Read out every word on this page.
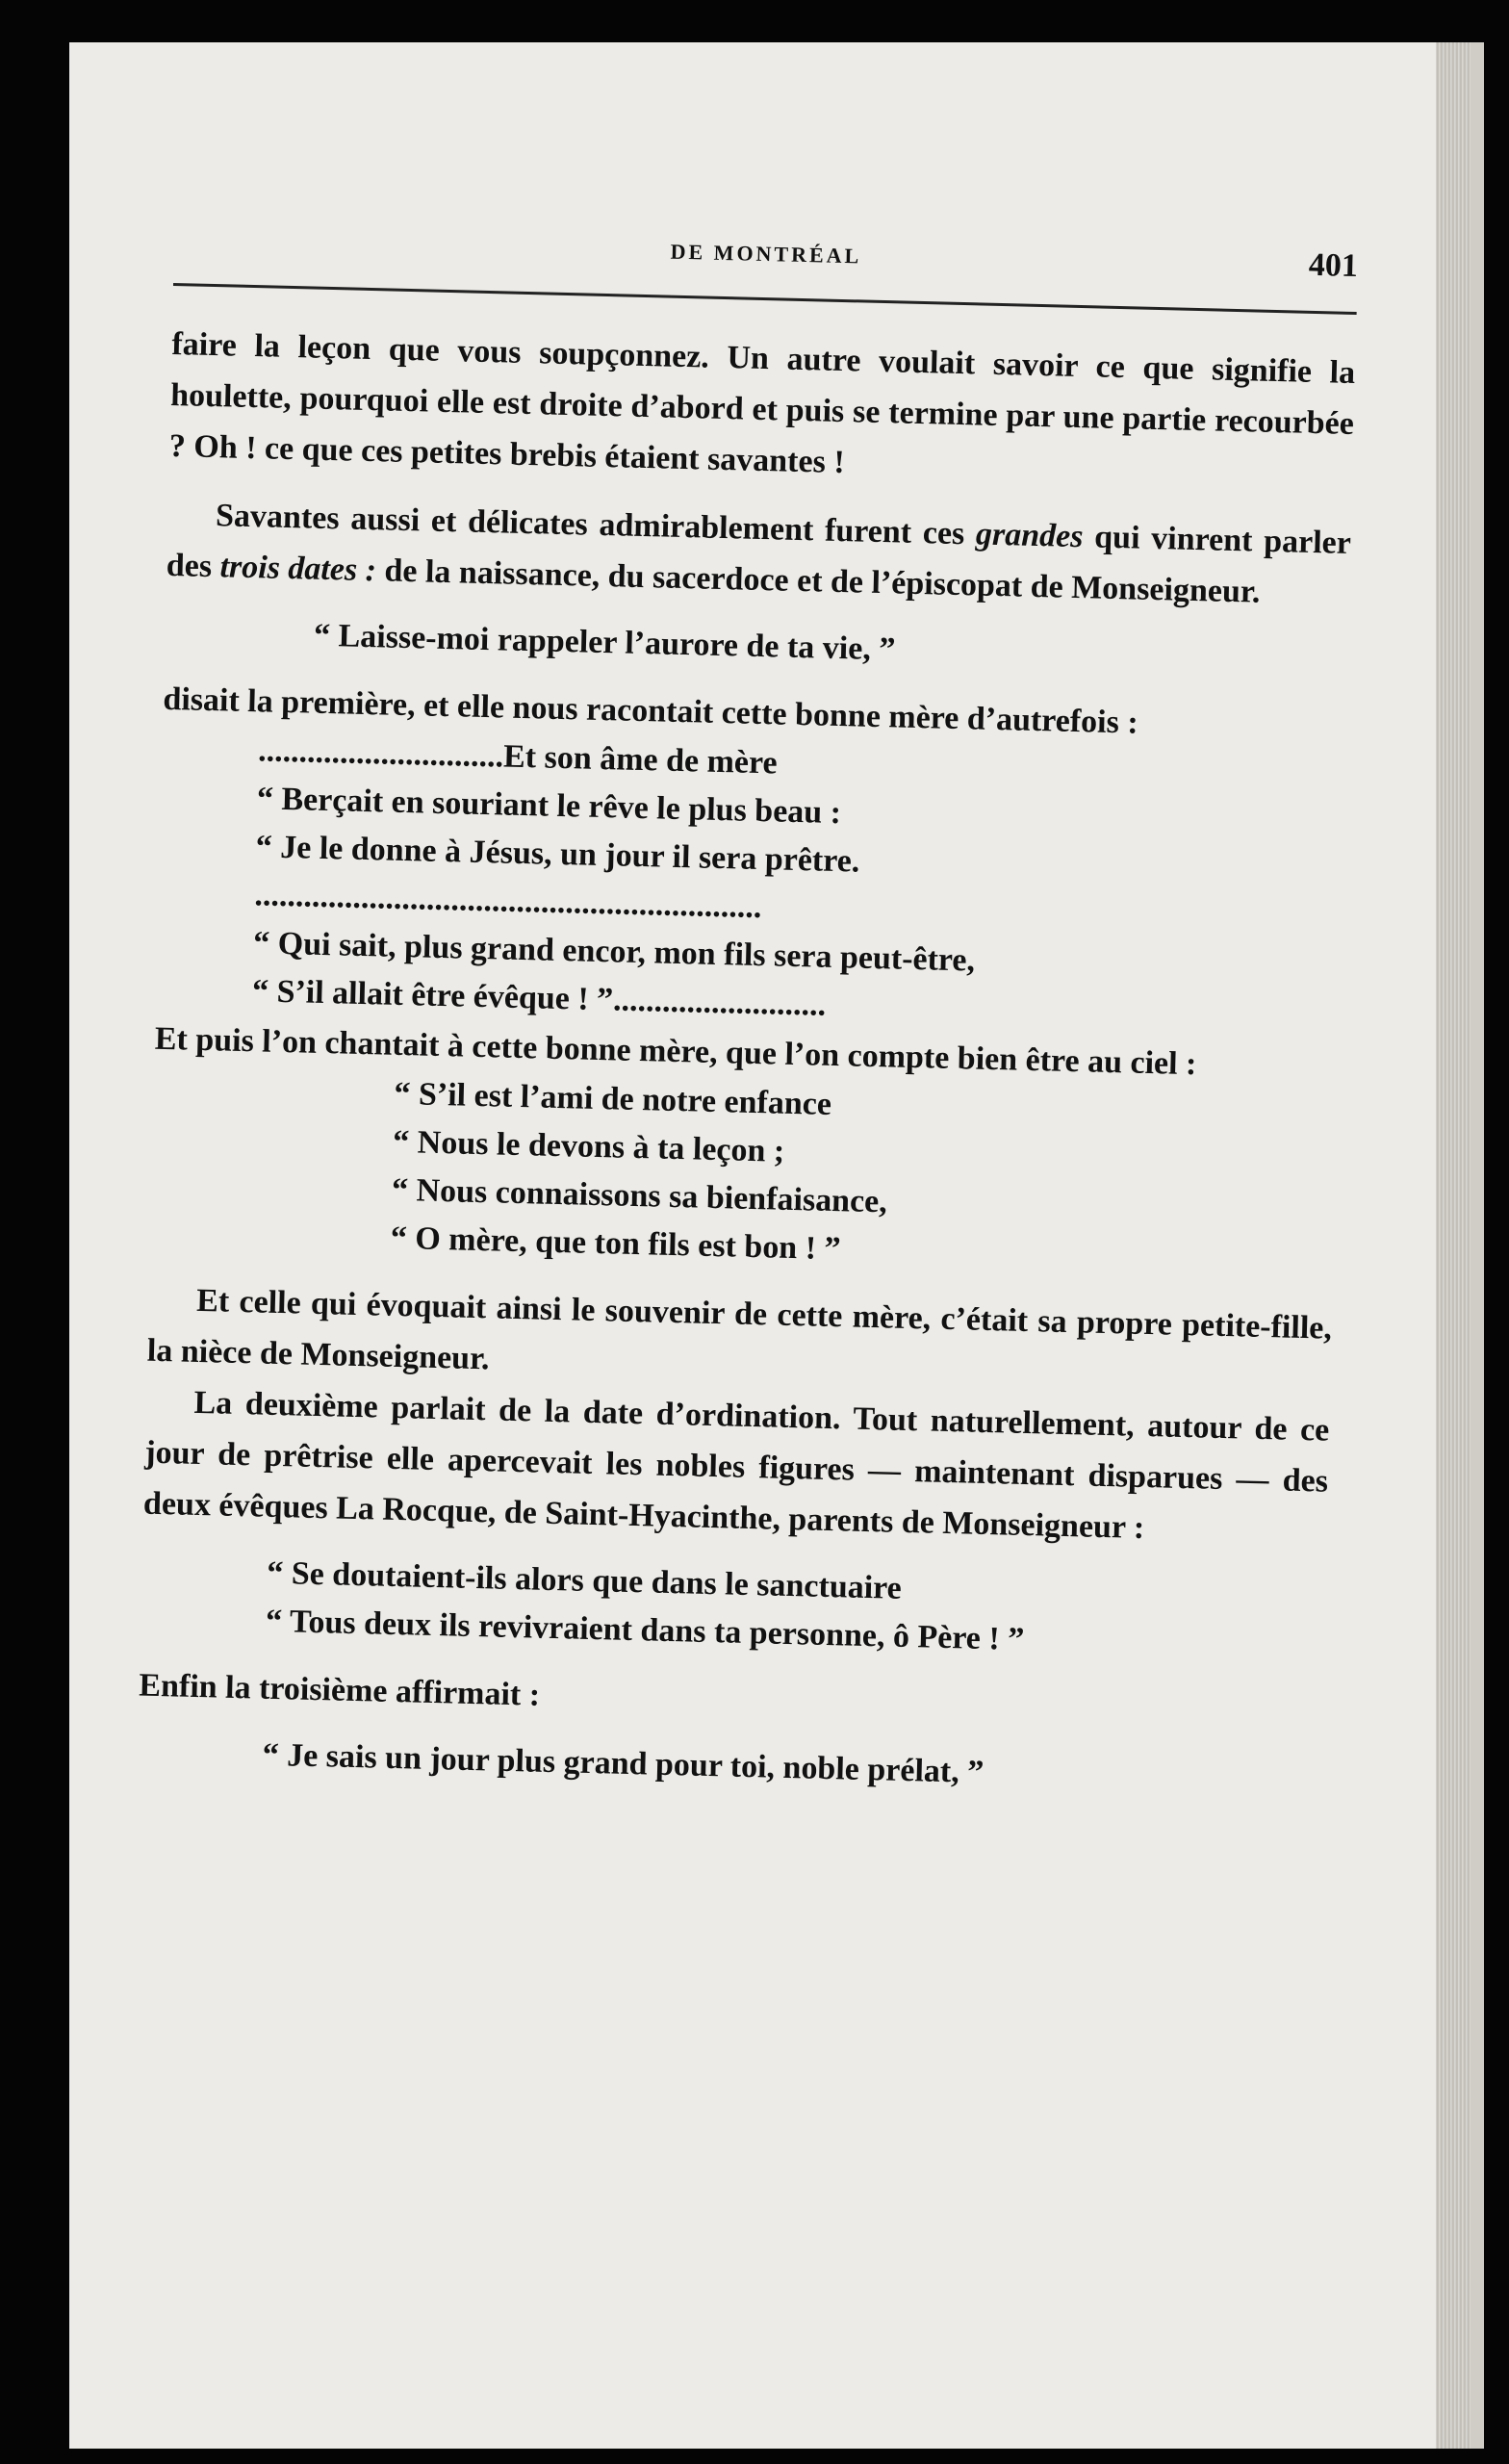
DE MONTRÉAL	401

faire la leçon que vous soupçonnez. Un autre voulait savoir ce que signifie la houlette, pourquoi elle est droite d’abord et puis se termine par une partie recourbée ? Oh ! ce que ces petites brebis étaient savantes !

Savantes aussi et délicates admirablement furent ces grandes qui vinrent parler des trois dates : de la naissance, du sacerdoce et de l’épiscopat de Monseigneur.

“ Laisse-moi rappeler l’aurore de ta vie, ”

disait la première, et elle nous racontait cette bonne mère d’autrefois :

..............................Et son âme de mère
“ Berçait en souriant le rêve le plus beau :
“ Je le donne à Jésus, un jour il sera prêtre.
..............................................................
“ Qui sait, plus grand encor, mon fils sera peut-être,
“ S’il allait être évêque ! ”..........................

Et puis l’on chantait à cette bonne mère, que l’on compte bien être au ciel :

“ S’il est l’ami de notre enfance
“ Nous le devons à ta leçon ;
“ Nous connaissons sa bienfaisance,
“ O mère, que ton fils est bon ! ”

Et celle qui évoquait ainsi le souvenir de cette mère, c’était sa propre petite-fille, la nièce de Monseigneur.

La deuxième parlait de la date d’ordination. Tout naturellement, autour de ce jour de prêtrise elle apercevait les nobles figures — maintenant disparues — des deux évêques La Rocque, de Saint-Hyacinthe, parents de Monseigneur :

“ Se doutaient-ils alors que dans le sanctuaire
“ Tous deux ils revivraient dans ta personne, ô Père ! ”

Enfin la troisième affirmait :

“ Je sais un jour plus grand pour toi, noble prélat, ”
